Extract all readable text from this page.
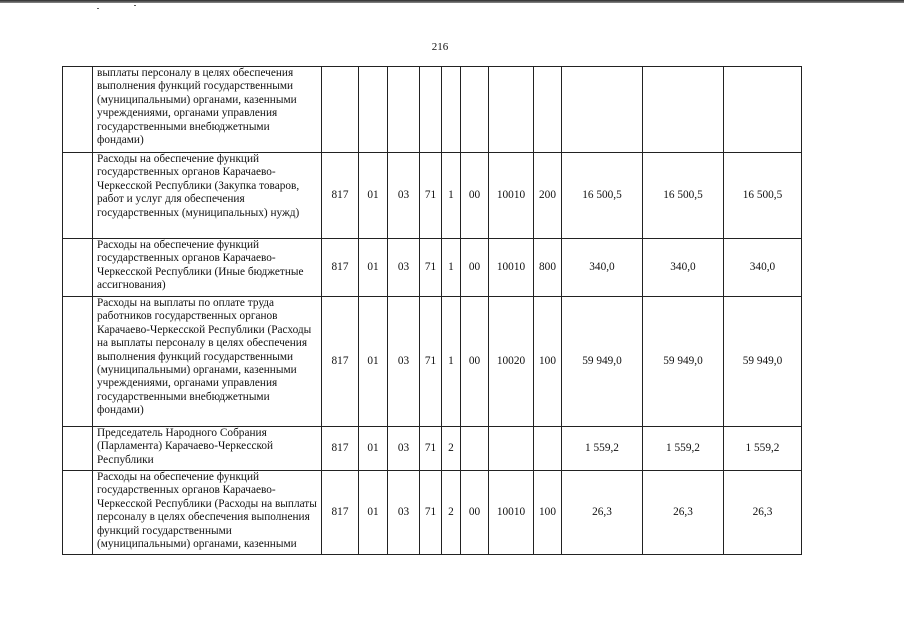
216
	выплаты персоналу в целях обеспечения выполнения функций государственными (муниципальными) органами, казенными учреждениями, органами управления государственными внебюджетными фондами)											
	Расходы на обеспечение функций государственных органов Карачаево-Черкесской Республики (Закупка товаров, работ и услуг для обеспечения государственных (муниципальных) нужд)	817	01	03	71	1	00	10010	200	16 500,5	16 500,5	16 500,5
	Расходы на обеспечение функций государственных органов Карачаево-Черкесской Республики (Иные бюджетные ассигнования)	817	01	03	71	1	00	10010	800	340,0	340,0	340,0
	Расходы на выплаты по оплате труда работников государственных органов Карачаево-Черкесской Республики (Расходы на выплаты персоналу в целях обеспечения выполнения функций государственными (муниципальными) органами, казенными учреждениями, органами управления государственными внебюджетными фондами)	817	01	03	71	1	00	10020	100	59 949,0	59 949,0	59 949,0
	Председатель Народного Собрания (Парламента) Карачаево-Черкесской Республики	817	01	03	71	2				1 559,2	1 559,2	1 559,2
	Расходы на обеспечение функций государственных органов Карачаево-Черкесской Республики (Расходы на выплаты персоналу в целях обеспечения выполнения функций государственными (муниципальными) органами, казенными	817	01	03	71	2	00	10010	100	26,3	26,3	26,3
